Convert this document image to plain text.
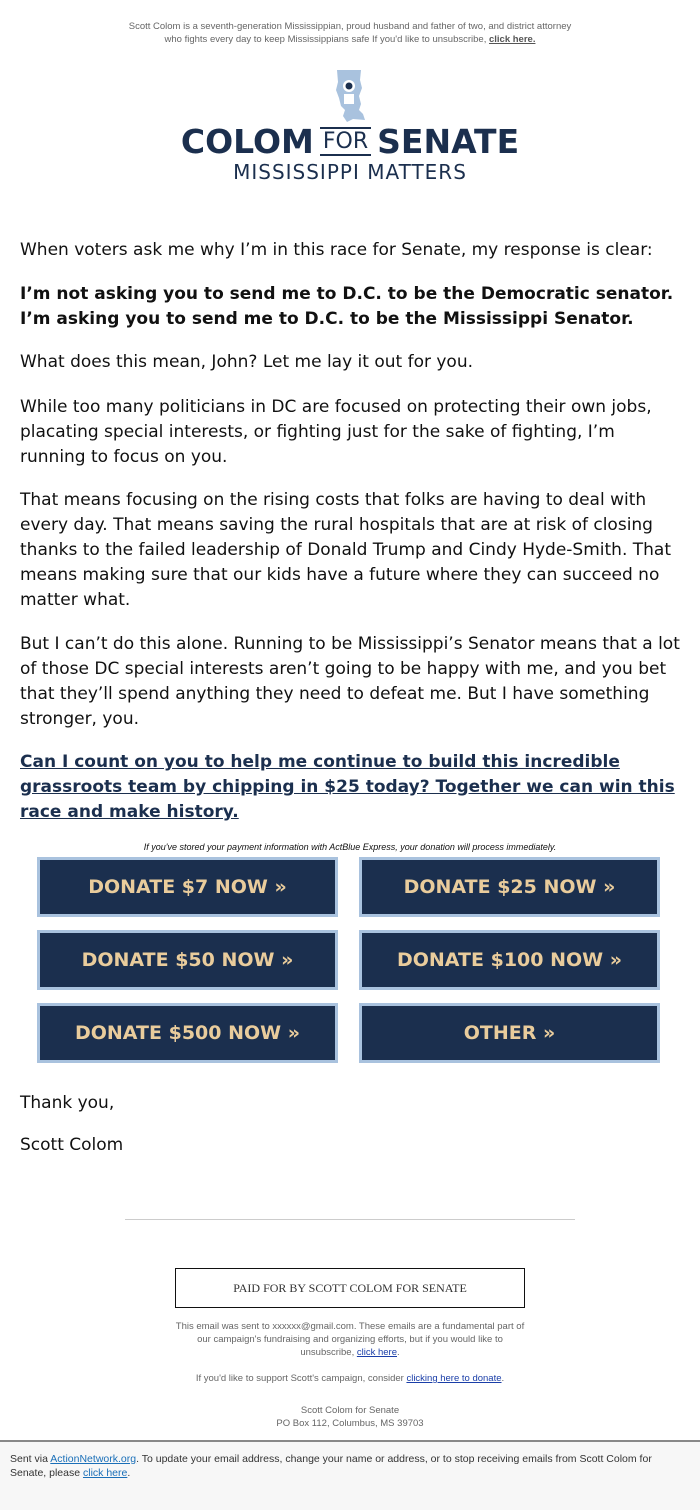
Scott Colom is a seventh-generation Mississippian, proud husband and father of two, and district attorney who fights every day to keep Mississippians safe If you'd like to unsubscribe, click here.
COLOM FOR SENATE
MISSISSIPPI MATTERS

When voters ask me why I’m in this race for Senate, my response is clear:

I’m not asking you to send me to D.C. to be the Democratic senator. I’m asking you to send me to D.C. to be the Mississippi Senator.

What does this mean, John? Let me lay it out for you.

While too many politicians in DC are focused on protecting their own jobs, placating special interests, or fighting just for the sake of fighting, I’m running to focus on you.

That means focusing on the rising costs that folks are having to deal with every day. That means saving the rural hospitals that are at risk of closing thanks to the failed leadership of Donald Trump and Cindy Hyde-Smith. That means making sure that our kids have a future where they can succeed no matter what.

But I can’t do this alone. Running to be Mississippi’s Senator means that a lot of those DC special interests aren’t going to be happy with me, and you bet that they’ll spend anything they need to defeat me. But I have something stronger, you.

Can I count on you to help me continue to build this incredible grassroots team by chipping in $25 today? Together we can win this race and make history.

If you've stored your payment information with ActBlue Express, your donation will process immediately.
DONATE $7 NOW »	DONATE $25 NOW »
DONATE $50 NOW »	DONATE $100 NOW »
DONATE $500 NOW »	OTHER »

Thank you,

Scott Colom

PAID FOR BY SCOTT COLOM FOR SENATE
This email was sent to xxxxxx@gmail.com. These emails are a fundamental part of our campaign's fundraising and organizing efforts, but if you would like to unsubscribe, click here.
If you'd like to support Scott's campaign, consider clicking here to donate.
Scott Colom for Senate
PO Box 112, Columbus, MS 39703
Sent via ActionNetwork.org. To update your email address, change your name or address, or to stop receiving emails from Scott Colom for Senate, please click here.
